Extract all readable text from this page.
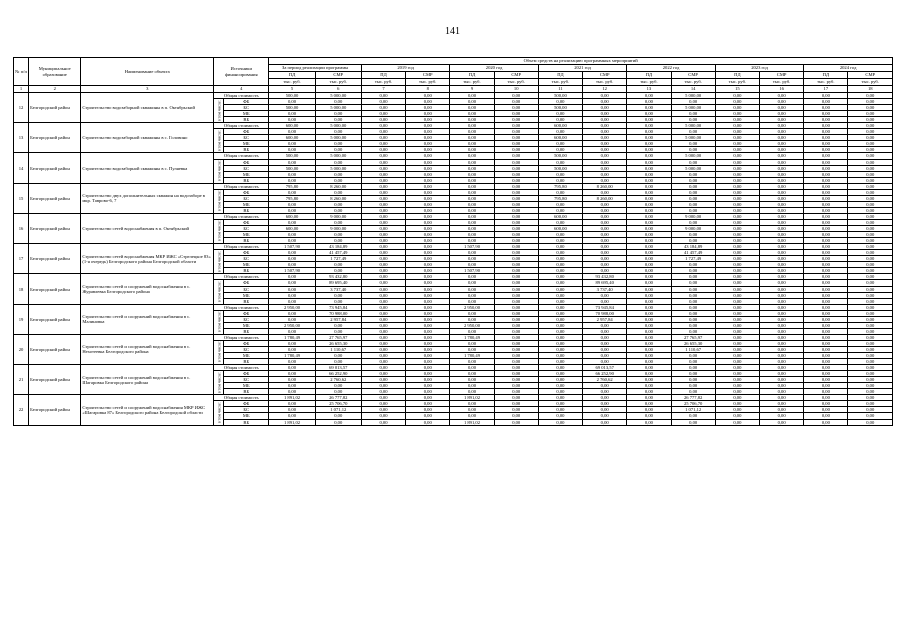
141
№ п/п	Муниципальное образование	Наименование объекта	Источники финансирования		Объем средств на реализацию программных мероприятий													
					За период реализации программы		2019 год		2020 год		2021 год		2022 год		2023 год		2024 год	
					ПД	СМР	ПД	СМР	ПД	СМР	ПД	СМР	ПД	СМР	ПД	СМР	ПД	СМР
					тыс. руб.	тыс. руб.	тыс. руб.	тыс. руб.	тыс. руб.	тыс. руб.	тыс. руб.	тыс. руб.	тыс. руб.	тыс. руб.	тыс. руб.	тыс. руб.	тыс. руб.	тыс. руб.
1	2	3	4		5	6	7	8	9	10	11	12	13	14	15	16	17	18
12	Белгородский район	Строительство водозаборной скважины в п. Октябрьский	Общая стоимость		500,00	5 000,00	0,00	0,00	0,00	0,00	500,00	0,00	0,00	5 000,00	0,00	0,00	0,00	0,00
			в том числе:	ФБ	0,00	0,00	0,00	0,00	0,00	0,00	0,00	0,00	0,00	0,00	0,00	0,00	0,00	0,00
				БС	500,00	5 000,00	0,00	0,00	0,00	0,00	500,00	0,00	0,00	5 000,00	0,00	0,00	0,00	0,00
				МБ	0,00	0,00	0,00	0,00	0,00	0,00	0,00	0,00	0,00	0,00	0,00	0,00	0,00	0,00
				ВБ	0,00	0,00	0,00	0,00	0,00	0,00	0,00	0,00	0,00	0,00	0,00	0,00	0,00	0,00
13	Белгородский район	Строительство водозаборной скважины в с. Головино	Общая стоимость		600,00	5 000,00	0,00	0,00	0,00	0,00	600,00	0,00	0,00	5 000,00	0,00	0,00	0,00	0,00
			в том числе:	ФБ	0,00	0,00	0,00	0,00	0,00	0,00	0,00	0,00	0,00	0,00	0,00	0,00	0,00	0,00
				БС	600,00	5 000,00	0,00	0,00	0,00	0,00	600,00	0,00	0,00	5 000,00	0,00	0,00	0,00	0,00
				МБ	0,00	0,00	0,00	0,00	0,00	0,00	0,00	0,00	0,00	0,00	0,00	0,00	0,00	0,00
				ВБ	0,00	0,00	0,00	0,00	0,00	0,00	0,00	0,00	0,00	0,00	0,00	0,00	0,00	0,00
14	Белгородский район	Строительство водозаборной скважины в с. Пуляевка	Общая стоимость		500,00	5 000,00	0,00	0,00	0,00	0,00	500,00	0,00	0,00	5 000,00	0,00	0,00	0,00	0,00
			в том числе:	ФБ	0,00	0,00	0,00	0,00	0,00	0,00	0,00	0,00	0,00	0,00	0,00	0,00	0,00	0,00
				БС	500,00	5 000,00	0,00	0,00	0,00	0,00	500,00	0,00	0,00	5 000,00	0,00	0,00	0,00	0,00
				МБ	0,00	0,00	0,00	0,00	0,00	0,00	0,00	0,00	0,00	0,00	0,00	0,00	0,00	0,00
				ВБ	0,00	0,00	0,00	0,00	0,00	0,00	0,00	0,00	0,00	0,00	0,00	0,00	0,00	0,00
15	Белгородский район	Строительство двух дополнительных скважин на водозаборе в мкр. Таврово-6, 7	Общая стоимость		795,80	8 260,00	0,00	0,00	0,00	0,00	795,80	8 260,00	0,00	0,00	0,00	0,00	0,00	0,00
			в том числе:	ФБ	0,00	0,00	0,00	0,00	0,00	0,00	0,00	0,00	0,00	0,00	0,00	0,00	0,00	0,00
				БС	795,80	8 260,00	0,00	0,00	0,00	0,00	795,80	8 260,00	0,00	0,00	0,00	0,00	0,00	0,00
				МБ	0,00	0,00	0,00	0,00	0,00	0,00	0,00	0,00	0,00	0,00	0,00	0,00	0,00	0,00
				ВБ	0,00	0,00	0,00	0,00	0,00	0,00	0,00	0,00	0,00	0,00	0,00	0,00	0,00	0,00
16	Белгородский район	Строительство сетей водоснабжения в п. Октябрьский	Общая стоимость		600,00	9 000,00	0,00	0,00	0,00	0,00	600,00	0,00	0,00	9 000,00	0,00	0,00	0,00	0,00
			в том числе:	ФБ	0,00	0,00	0,00	0,00	0,00	0,00	0,00	0,00	0,00	0,00	0,00	0,00	0,00	0,00
				БС	600,00	9 000,00	0,00	0,00	0,00	0,00	600,00	0,00	0,00	9 000,00	0,00	0,00	0,00	0,00
				МБ	0,00	0,00	0,00	0,00	0,00	0,00	0,00	0,00	0,00	0,00	0,00	0,00	0,00	0,00
				ВБ	0,00	0,00	0,00	0,00	0,00	0,00	0,00	0,00	0,00	0,00	0,00	0,00	0,00	0,00
17	Белгородский район	Строительство сетей водоснабжения МКР ИЖС «Стрелецкое 83» (1-я очередь) Белгородского района Белгородской области	Общая стоимость		1 507,90	43 184,89	0,00	0,00	1 507,90	0,00	0,00	0,00	0,00	43 184,89	0,00	0,00	0,00	0,00
			в том числе:	ФБ	0,00	41 457,49	0,00	0,00	0,00	0,00	0,00	0,00	0,00	41 457,49	0,00	0,00	0,00	0,00
				БС	0,00	1 727,49	0,00	0,00	0,00	0,00	0,00	0,00	0,00	1 727,49	0,00	0,00	0,00	0,00
				МБ	0,00	0,00	0,00	0,00	0,00	0,00	0,00	0,00	0,00	0,00	0,00	0,00	0,00	0,00
				ВБ	1 507,90	0,00	0,00	0,00	1 507,90	0,00	0,00	0,00	0,00	0,00	0,00	0,00	0,00	0,00
18	Белгородский район	Строительство сетей и сооружений водоснабжения в с. Журавлевка Белгородского района	Общая стоимость		0,00	93 432,80	0,00	0,00	0,00	0,00	0,00	93 432,80	0,00	0,00	0,00	0,00	0,00	0,00
			в том числе:	ФБ	0,00	89 695,40	0,00	0,00	0,00	0,00	0,00	89 695,40	0,00	0,00	0,00	0,00	0,00	0,00
				БС	0,00	3 737,40	0,00	0,00	0,00	0,00	0,00	3 737,40	0,00	0,00	0,00	0,00	0,00	0,00
				МБ	0,00	0,00	0,00	0,00	0,00	0,00	0,00	0,00	0,00	0,00	0,00	0,00	0,00	0,00
				ВБ	0,00	0,00	0,00	0,00	0,00	0,00	0,00	0,00	0,00	0,00	0,00	0,00	0,00	0,00
19	Белгородский район	Строительство сетей и сооружений водоснабжения в с. Малиновка	Общая стоимость		2 950,00	73 945,84	0,00	0,00	2 950,00	0,00	0,00	73 945,84	0,00	0,00	0,00	0,00	0,00	0,00
			в том числе:	ФБ	0,00	70 988,00	0,00	0,00	0,00	0,00	0,00	70 988,00	0,00	0,00	0,00	0,00	0,00	0,00
				БС	0,00	2 957,84	0,00	0,00	0,00	0,00	0,00	2 957,84	0,00	0,00	0,00	0,00	0,00	0,00
				МБ	2 950,00	0,00	0,00	0,00	2 950,00	0,00	0,00	0,00	0,00	0,00	0,00	0,00	0,00	0,00
				ВБ	0,00	0,00	0,00	0,00	0,00	0,00	0,00	0,00	0,00	0,00	0,00	0,00	0,00	0,00
20	Белгородский район	Строительство сетей и сооружений водоснабжения в с. Нехотеевка Белгородского района	Общая стоимость		1 780,49	27 765,97	0,00	0,00	1 780,49	0,00	0,00	0,00	0,00	27 765,97	0,00	0,00	0,00	0,00
			в том числе:	ФБ	0,00	26 655,30	0,00	0,00	0,00	0,00	0,00	0,00	0,00	26 655,30	0,00	0,00	0,00	0,00
				БС	0,00	1 110,67	0,00	0,00	0,00	0,00	0,00	0,00	0,00	1 110,67	0,00	0,00	0,00	0,00
				МБ	1 780,49	0,00	0,00	0,00	1 780,49	0,00	0,00	0,00	0,00	0,00	0,00	0,00	0,00	0,00
				ВБ	0,00	0,00	0,00	0,00	0,00	0,00	0,00	0,00	0,00	0,00	0,00	0,00	0,00	0,00
21	Белгородский район	Строительство сетей и сооружений водоснабжения в с. Шагаровка Белгородского района	Общая стоимость		0,00	69 013,57	0,00	0,00	0,00	0,00	0,00	69 013,57	0,00	0,00	0,00	0,00	0,00	0,00
			в том числе:	ФБ	0,00	66 252,90	0,00	0,00	0,00	0,00	0,00	66 252,90	0,00	0,00	0,00	0,00	0,00	0,00
				БС	0,00	2 760,62	0,00	0,00	0,00	0,00	0,00	2 760,62	0,00	0,00	0,00	0,00	0,00	0,00
				МБ	0,00	0,00	0,00	0,00	0,00	0,00	0,00	0,00	0,00	0,00	0,00	0,00	0,00	0,00
				ВБ	0,00	0,00	0,00	0,00	0,00	0,00	0,00	0,00	0,00	0,00	0,00	0,00	0,00	0,00
22	Белгородский район	Строительство сетей и сооружений водоснабжения МКР ИЖС «Шагаровка 87» Белгородского района Белгородской области	Общая стоимость		1 891,02	26 777,82	0,00	0,00	1 891,02	0,00	0,00	0,00	0,00	26 777,82	0,00	0,00	0,00	0,00
			в том числе:	ФБ	0,00	25 706,70	0,00	0,00	0,00	0,00	0,00	0,00	0,00	25 706,70	0,00	0,00	0,00	0,00
				БС	0,00	1 071,12	0,00	0,00	0,00	0,00	0,00	0,00	0,00	1 071,12	0,00	0,00	0,00	0,00
				МБ	0,00	0,00	0,00	0,00	0,00	0,00	0,00	0,00	0,00	0,00	0,00	0,00	0,00	0,00
				ВБ	1 891,02	0,00	0,00	0,00	1 891,02	0,00	0,00	0,00	0,00	0,00	0,00	0,00	0,00	0,00
